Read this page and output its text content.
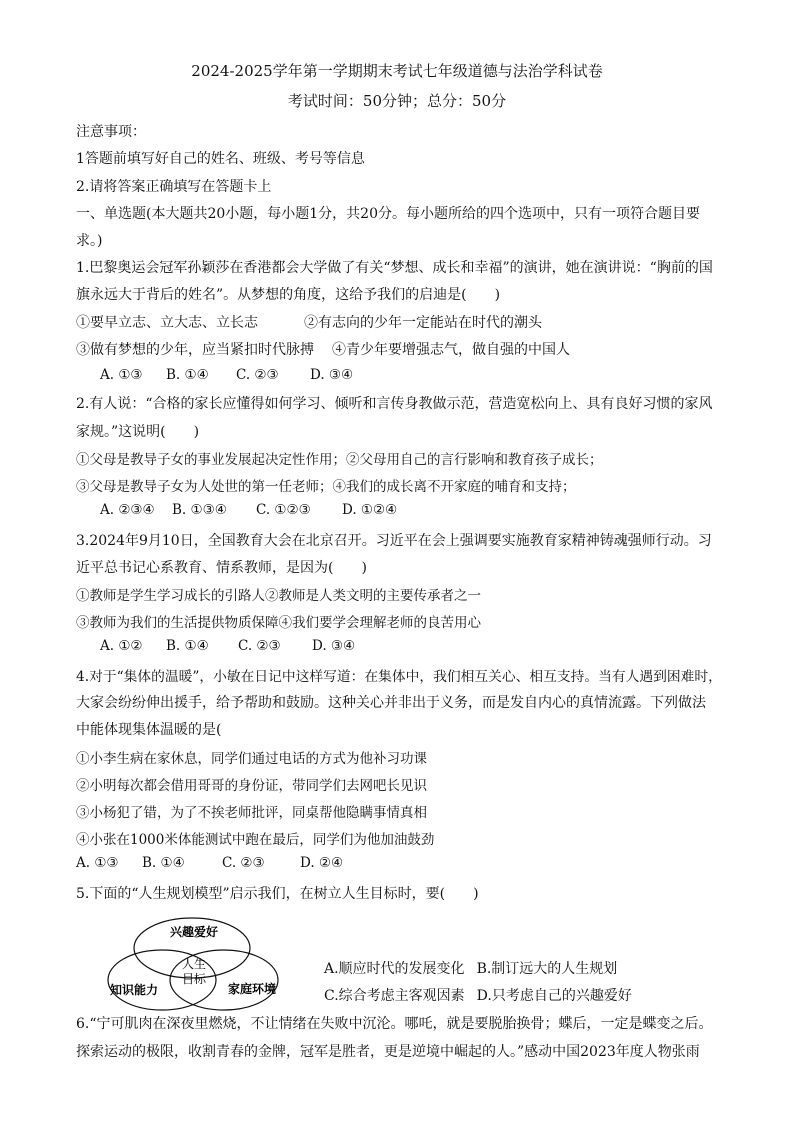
2024-2025学年第一学期期末考试七年级道德与法治学科试卷
考试时间：50分钟；总分：50分
注意事项：
1答题前填写好自己的姓名、班级、考号等信息
2.请将答案正确填写在答题卡上
一、单选题(本大题共20小题，每小题1分，共20分。每小题所给的四个选项中，只有一项符合题目要
求。)
1.巴黎奥运会冠军孙颖莎在香港都会大学做了有关“梦想、成长和幸福”的演讲，她在演讲说：“胸前的国
旗永远大于背后的姓名”。从梦想的角度，这给予我们的启迪是(　　)
①要早立志、立大志、立长志	②有志向的少年一定能站在时代的潮头
③做有梦想的少年，应当紧扣时代脉搏 ④青少年要增强志气，做自强的中国人
A. ①③ B. ①④ C. ②③ D. ③④
2.有人说：“合格的家长应懂得如何学习、倾听和言传身教做示范，营造宽松向上、具有良好习惯的家风
家规。”这说明(　　)
①父母是教导子女的事业发展起决定性作用；②父母用自己的言行影响和教育孩子成长；
③父母是教导子女为人处世的第一任老师；④我们的成长离不开家庭的哺育和支持；
A. ②③④ B. ①③④ C. ①②③ D. ①②④
3.2024年9月10日，全国教育大会在北京召开。习近平在会上强调要实施教育家精神铸魂强师行动。习
近平总书记心系教育、情系教师，是因为(　　)
①教师是学生学习成长的引路人②教师是人类文明的主要传承者之一
③教师为我们的生活提供物质保障④我们要学会理解老师的良苦用心
A. ①② B. ①④ C. ②③ D. ③④
4.对于“集体的温暖”，小敏在日记中这样写道：在集体中，我们相互关心、相互支持。当有人遇到困难时，
大家会纷纷伸出援手，给予帮助和鼓励。这种关心并非出于义务，而是发自内心的真情流露。下列做法
中能体现集体温暖的是(
①小李生病在家休息，同学们通过电话的方式为他补习功课
②小明每次都会借用哥哥的身份证，带同学们去网吧长见识
③小杨犯了错，为了不挨老师批评，同桌帮他隐瞒事情真相
④小张在1000米体能测试中跑在最后，同学们为他加油鼓劲
A. ①③ B. ①④	C. ②③	D. ②④
5.下面的“人生规划模型”启示我们，在树立人生目标时，要(　　)
兴趣爱好
知识能力	家庭环境
人生
目标
A.顺应时代的发展变化 B.制订远大的人生规划
C.综合考虑主客观因素 D.只考虑自己的兴趣爱好
6.“宁可肌肉在深夜里燃烧，不让情绪在失败中沉沦。哪吒，就是要脱胎换骨；蝶后，一定是蝶变之后。
探索运动的极限，收割青春的金牌，冠军是胜者，更是逆境中崛起的人。”感动中国2023年度人物张雨
